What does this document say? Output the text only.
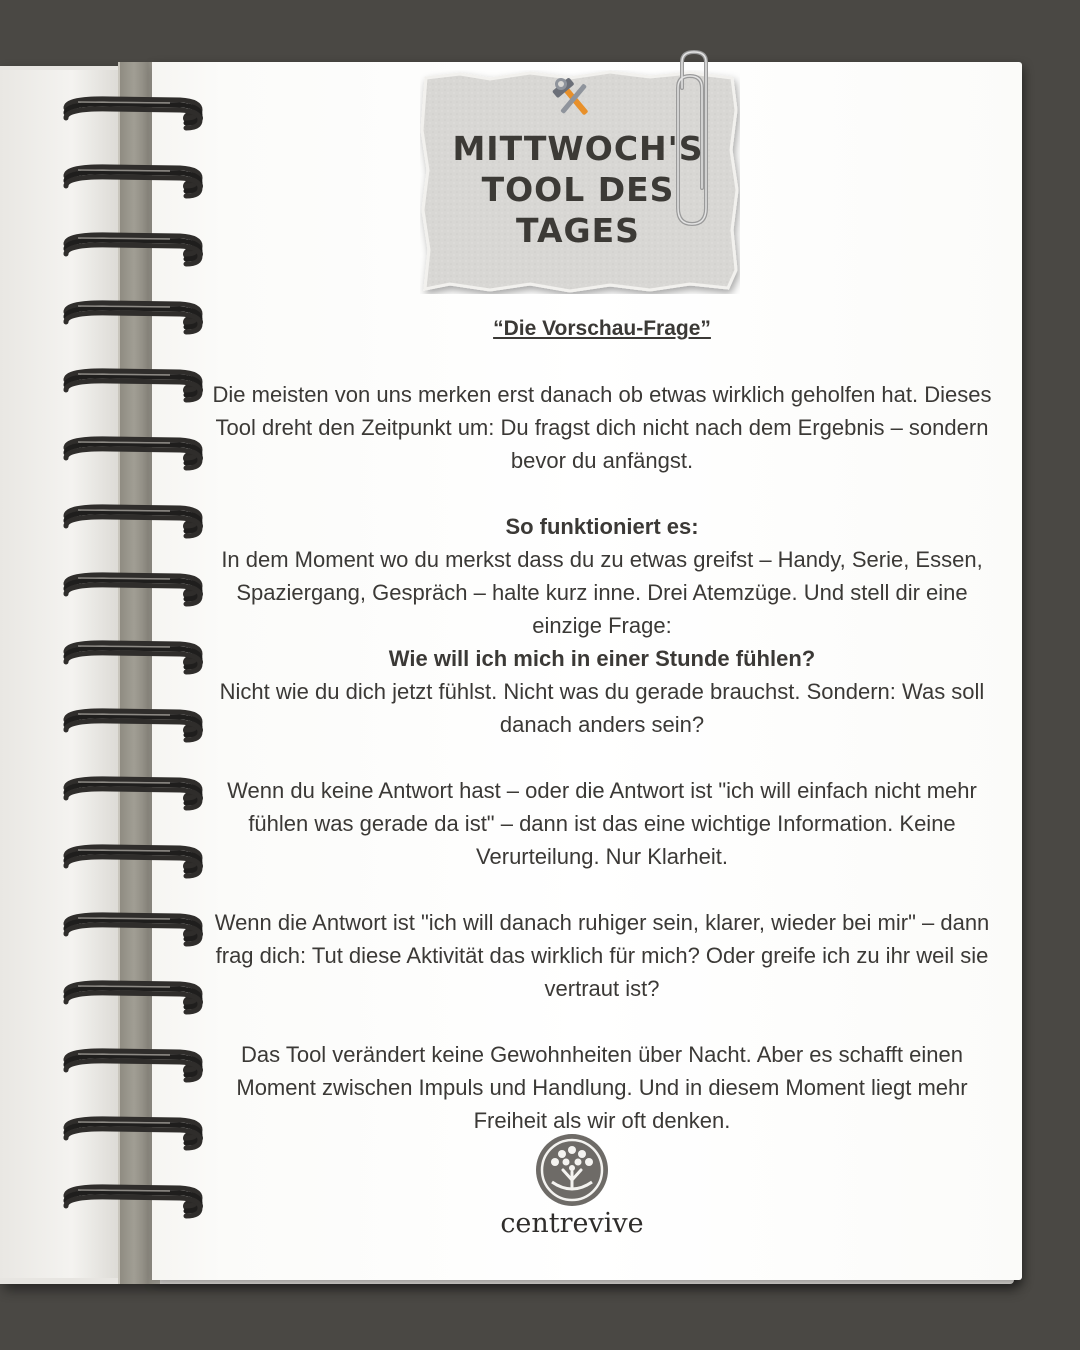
MITTWOCH'S
TOOL DES
TAGES
“Die Vorschau-Frage”

Die meisten von uns merken erst danach ob etwas wirklich geholfen hat. Dieses Tool dreht den Zeitpunkt um: Du fragst dich nicht nach dem Ergebnis – sondern bevor du anfängst.

So funktioniert es:

In dem Moment wo du merkst dass du zu etwas greifst – Handy, Serie, Essen, Spaziergang, Gespräch – halte kurz inne. Drei Atemzüge. Und stell dir eine einzige Frage:

Wie will ich mich in einer Stunde fühlen?

Nicht wie du dich jetzt fühlst. Nicht was du gerade brauchst. Sondern: Was soll danach anders sein?

Wenn du keine Antwort hast – oder die Antwort ist "ich will einfach nicht mehr fühlen was gerade da ist" – dann ist das eine wichtige Information. Keine Verurteilung. Nur Klarheit.

Wenn die Antwort ist "ich will danach ruhiger sein, klarer, wieder bei mir" – dann frag dich: Tut diese Aktivität das wirklich für mich? Oder greife ich zu ihr weil sie vertraut ist?

Das Tool verändert keine Gewohnheiten über Nacht. Aber es schafft einen Moment zwischen Impuls und Handlung. Und in diesem Moment liegt mehr Freiheit als wir oft denken.

centrevive
